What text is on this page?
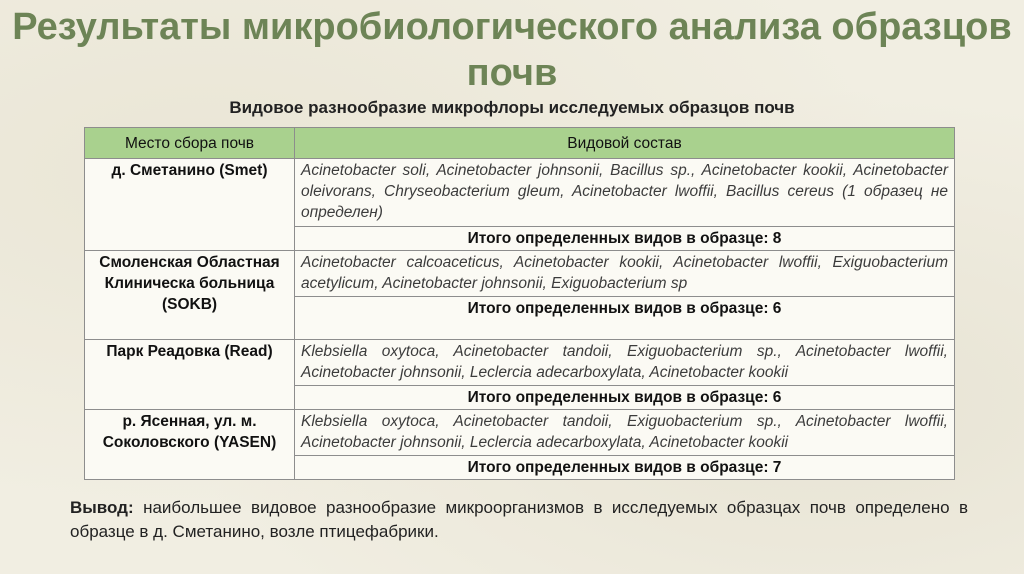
Результаты микробиологического анализа образцов почв
Видовое разнообразие микрофлоры исследуемых образцов почв
Место сбора почв	Видовой состав
д. Сметанино (Smet)	Acinetobacter soli, Acinetobacter johnsonii, Bacillus sp., Acinetobacter kookii, Acinetobacter oleivorans, Chryseobacterium gleum, Acinetobacter lwoffii, Bacillus cereus (1 образец не определен)
	Итого определенных видов в образце: 8
Смоленская Областная Клиническа больница (SOKB)	Acinetobacter calcoaceticus, Acinetobacter kookii, Acinetobacter lwoffii, Exiguobacterium acetylicum, Acinetobacter johnsonii, Exiguobacterium sp
	Итого определенных видов в образце: 6
Парк Реадовка (Read)	Klebsiella oxytoca, Acinetobacter tandoii, Exiguobacterium sp., Acinetobacter lwoffii, Acinetobacter johnsonii, Leclercia adecarboxylata, Acinetobacter kookii
	Итого определенных видов в образце: 6
р. Ясенная, ул. м. Соколовского (YASEN)	Klebsiella oxytoca, Acinetobacter tandoii, Exiguobacterium sp., Acinetobacter lwoffii, Acinetobacter johnsonii, Leclercia adecarboxylata, Acinetobacter kookii
	Итого определенных видов в образце: 7
Вывод: наибольшее видовое разнообразие микроорганизмов в исследуемых образцах почв определено в образце в д. Сметанино, возле птицефабрики.
